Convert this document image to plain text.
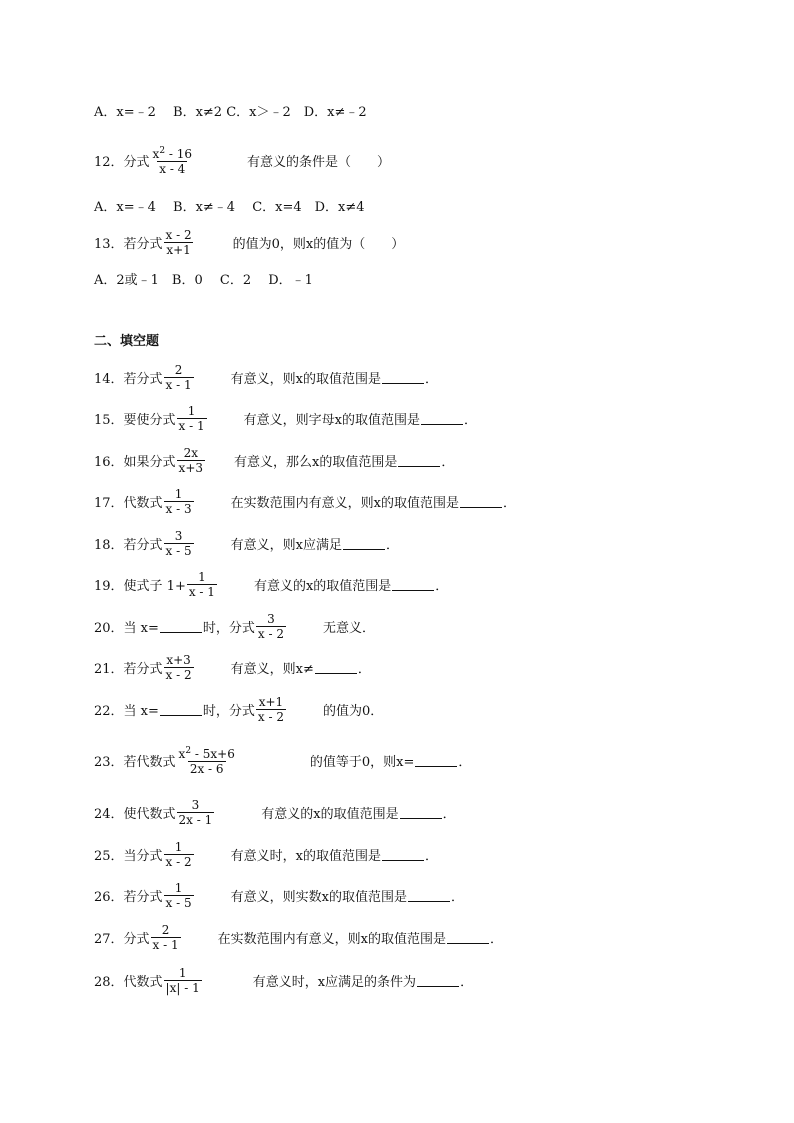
A．x=﹣2　 B．x≠2 C．x＞﹣2　D．x≠﹣2
12．分式 $\frac{x^2 - 16}{x - 4}$	有意义的条件是（　　）
A．x=﹣4　 B．x≠﹣4　 C．x=4　D．x≠4
13．若分式 $\frac{x - 2}{x+1}$	的值为0，则x的值为（　　）
A．2或﹣1　B．0　 C．2　 D．﹣1
二、填空题
14．若分式 $\frac{2}{x - 1}$	有意义，则x的取值范围是	．
15．要使分式 $\frac{1}{x - 1}$	有意义，则字母x的取值范围是	．
16．如果分式 $\frac{2x}{x+3}$ 有意义，那么x的取值范围是	．
17．代数式 $\frac{1}{x - 3}$	在实数范围内有意义，则x的取值范围是	．
18．若分式 $\frac{3}{x - 5}$	有意义，则x应满足	．
19．使式子 $1+ \frac{1}{x - 1}$	有意义的x的取值范围是	．
20．当 x=	时，分式 $\frac{3}{x - 2}$	无意义．
21．若分式 $\frac{x+3}{x - 2}$	有意义，则x≠	．
22．当 x=	时，分式 $\frac{x+1}{x - 2}$	的值为0．
23．若代数式 $\frac{x^2 - 5x+6}{2x - 6}$	的值等于0，则x=	．
24．使代数式 $\frac{3}{2x - 1}$	有意义的x的取值范围是	．
25．当分式 $\frac{1}{x - 2}$	有意义时，x的取值范围是	．
26．若分式 $\frac{1}{x - 5}$	有意义，则实数x的取值范围是	．
27．分式 $\frac{2}{x - 1}$	在实数范围内有意义，则x的取值范围是	．
28．代数式 $\frac{1}{|x| - 1}$	有意义时，x应满足的条件为	．
